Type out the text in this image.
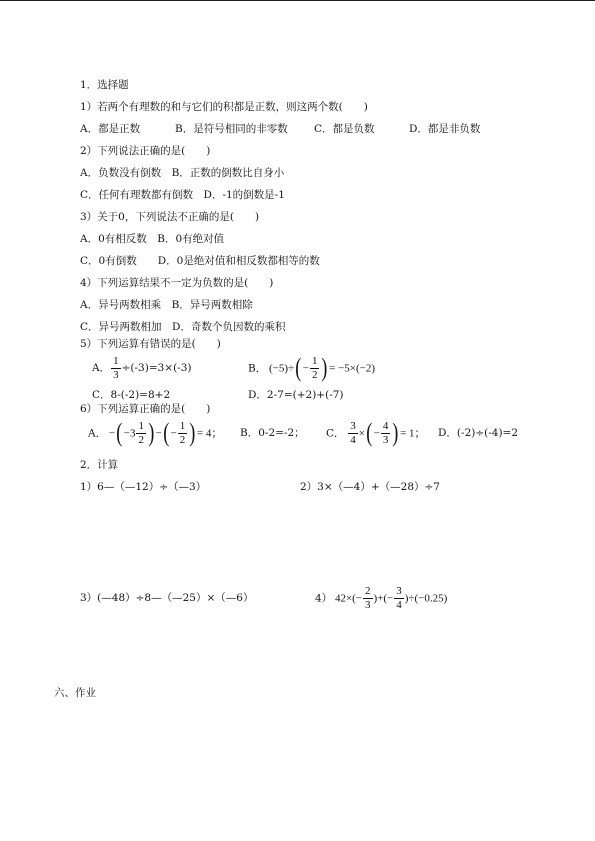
1．选择题
1）若两个有理数的和与它们的积都是正数，则这两个数(　　)
A．都是正数	B．是符号相同的非零数	C．都是负数	D．都是非负数
2）下列说法正确的是(　　)
A．负数没有倒数　B．正数的倒数比自身小
C．任何有理数都有倒数　D．-1的倒数是-1
3）关于0，下列说法不正确的是(　　)
A．0有相反数　B．0有绝对值
C．0有倒数　　D．0是绝对值和相反数都相等的数
4）下列运算结果不一定为负数的是(　　)
A．异号两数相乘　B．异号两数相除
C．异号两数相加　D．奇数个负因数的乘积
5）下列运算有错误的是(　　)
A． $\frac{1}{3} \div(-3)=3\times(-3)$	B． $(-5)\div(- \frac{1}{2}$ )= −5×(−2)
C．8-(-2)=8+2	D．2-7=(+2)+(-7)
6）下列运算正确的是(　　)
A． $-(-3 \frac{1}{2}$ )−(− $\frac{1}{2}$ )= 4； B．0-2=-2； C． $\frac{3}{4}$ ×(− $\frac{4}{3}$ )= 1； D．(-2)÷(-4)=2
2．计算
1）6—（—12）÷（—3）	2）3×（—4）+（—28）÷7
3）(—48）÷8—（—25）×（—6）	4） $42\times(- \frac{2}{3}$ )+(− $\frac{3}{4} )\div(-0.25)$
六、作业
